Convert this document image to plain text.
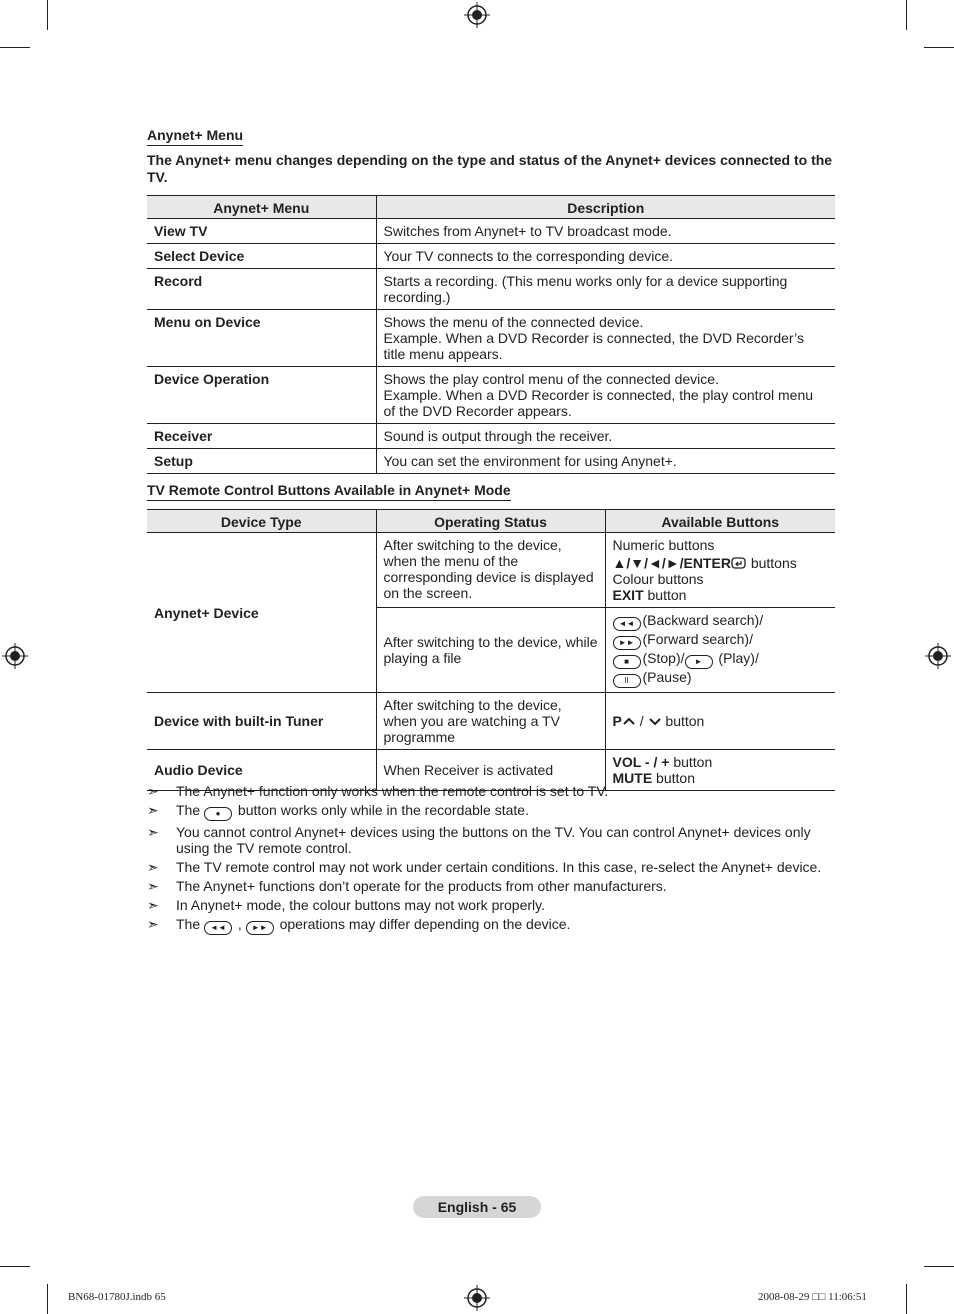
Anynet+ Menu
The Anynet+ menu changes depending on the type and status of the Anynet+ devices connected to the TV.
Anynet+ Menu	Description
View TV	Switches from Anynet+ to TV broadcast mode.
Select Device	Your TV connects to the corresponding device.
Record	Starts a recording. (This menu works only for a device supporting recording.)
Menu on Device	Shows the menu of the connected device.
Example. When a DVD Recorder is connected, the DVD Recorder’s title menu appears.

Device Operation	Shows the play control menu of the connected device.
Example. When a DVD Recorder is connected, the play control menu of the DVD Recorder appears.

Receiver	Sound is output through the receiver.
Setup	You can set the environment for using Anynet+.
TV Remote Control Buttons Available in Anynet+ Mode
Device Type	Operating Status	Available Buttons
Anynet+ Device	After switching to the device, when the menu of the corresponding device is displayed on the screen.	Numeric buttons
▲/▼/◄/►/ENTER buttons
Colour buttons
EXIT button

	After switching to the device, while playing a file	◄◄ (Backward search)/
►► (Forward search)/
■ (Stop)/ ► (Play)/
II (Pause)

Device with built-in Tuner	After switching to the device, when you are watching a TV programme	P /  button
Audio Device	When Receiver is activated	VOL - / + button
MUTE button
➣ The Anynet+ function only works when the remote control is set to TV.
➣ The ● button works only while in the recordable state.
➣ You cannot control Anynet+ devices using the buttons on the TV. You can control Anynet+ devices only using the TV remote control.
➣ The TV remote control may not work under certain conditions. In this case, re-select the Anynet+ device.
➣ The Anynet+ functions don’t operate for the products from other manufacturers.
➣ In Anynet+ mode, the colour buttons may not work properly.
➣ The ◄◄ , ►► operations may differ depending on the device.
English - 65
BN68-01780J.indb 65	2008-08-29 □□ 11:06:51
